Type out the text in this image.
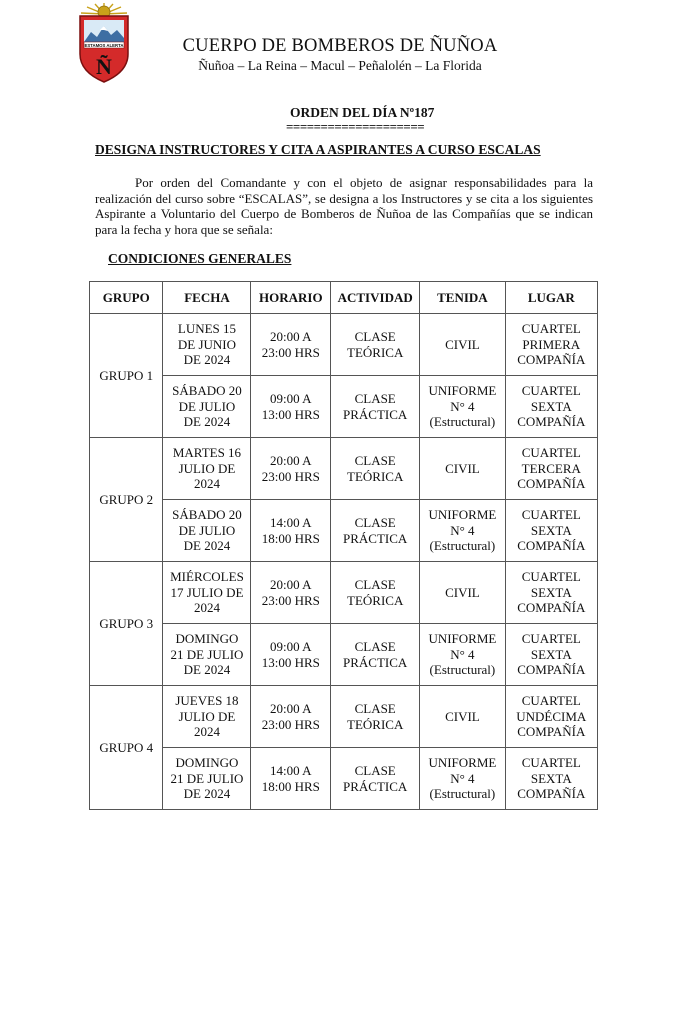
ESTAMOS ALERTA
Ñ
CUERPO DE BOMBEROS DE ÑUÑOA
Ñuñoa – La Reina – Macul – Peñalolén – La Florida
ORDEN DEL DÍA Nº187
====================
DESIGNA INSTRUCTORES Y CITA A ASPIRANTES A CURSO ESCALAS

Por orden del Comandante y con el objeto de asignar responsabilidades para la realización del curso sobre “ESCALAS”, se designa a los Instructores y se cita a los siguientes Aspirante a Voluntario del Cuerpo de Bomberos de Ñuñoa de las Compañías que se indican para la fecha y hora que se señala:

CONDICIONES GENERALES
GRUPO	FECHA	HORARIO	ACTIVIDAD	TENIDA	LUGAR
GRUPO 1	LUNES 15
DE JUNIO
DE 2024	20:00 A
23:00 HRS	CLASE
TEÓRICA	CIVIL	CUARTEL
PRIMERA
COMPAÑÍA
	SÁBADO 20
DE JULIO
DE 2024	09:00 A
13:00 HRS	CLASE
PRÁCTICA	UNIFORME
N° 4
(Estructural)	CUARTEL
SEXTA
COMPAÑÍA
GRUPO 2	MARTES 16
JULIO DE
2024	20:00 A
23:00 HRS	CLASE
TEÓRICA	CIVIL	CUARTEL
TERCERA
COMPAÑÍA
	SÁBADO 20
DE JULIO
DE 2024	14:00 A
18:00 HRS	CLASE
PRÁCTICA	UNIFORME
N° 4
(Estructural)	CUARTEL
SEXTA
COMPAÑÍA
GRUPO 3	MIÉRCOLES
17 JULIO DE
2024	20:00 A
23:00 HRS	CLASE
TEÓRICA	CIVIL	CUARTEL
SEXTA
COMPAÑÍA
	DOMINGO
21 DE JULIO
DE 2024	09:00 A
13:00 HRS	CLASE
PRÁCTICA	UNIFORME
N° 4
(Estructural)	CUARTEL
SEXTA
COMPAÑÍA
GRUPO 4	JUEVES 18
JULIO DE
2024	20:00 A
23:00 HRS	CLASE
TEÓRICA	CIVIL	CUARTEL
UNDÉCIMA
COMPAÑÍA
	DOMINGO
21 DE JULIO
DE 2024	14:00 A
18:00 HRS	CLASE
PRÁCTICA	UNIFORME
N° 4
(Estructural)	CUARTEL
SEXTA
COMPAÑÍA
